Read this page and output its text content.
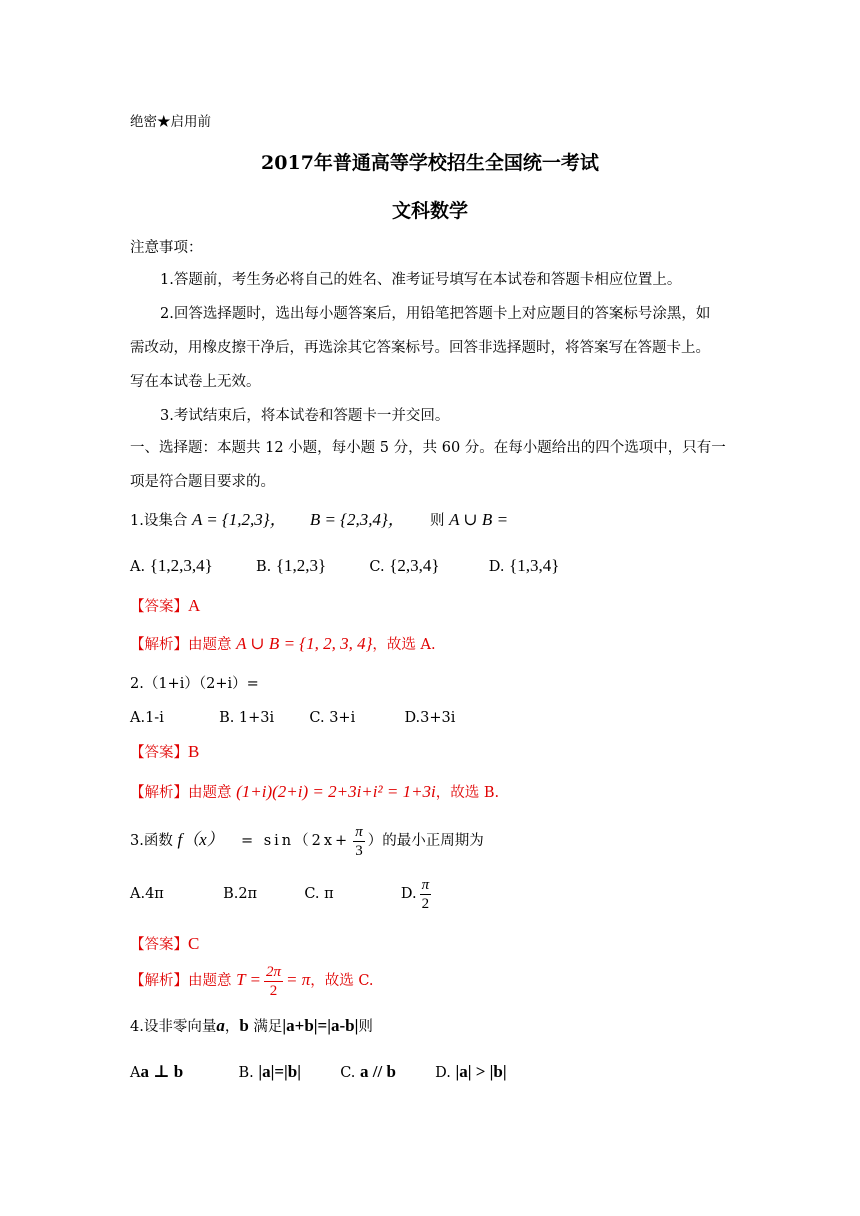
绝密★启用前
2017年普通高等学校招生全国统一考试
文科数学
注意事项：
1.答题前，考生务必将自己的姓名、准考证号填写在本试卷和答题卡相应位置上。
2.回答选择题时，选出每小题答案后，用铅笔把答题卡上对应题目的答案标号涂黑，如
需改动，用橡皮擦干净后，再选涂其它答案标号。回答非选择题时，将答案写在答题卡上。
写在本试卷上无效。
3.考试结束后，将本试卷和答题卡一并交回。
一、选择题：本题共 12 小题，每小题 5 分，共 60 分。在每小题给出的四个选项中，只有一
项是符合题目要求的。
1.设集合 A = {1,2,3}， B = {2,3,4}， 则 A ∪ B =
A. {1,2,3,4}	B. {1,2,3}	C. {2,3,4}	D. {1,3,4}
【答案】A
【解析】由题意 A ∪ B = {1, 2, 3, 4}，故选 A.
2.（1+i）（2+i）=
A.1-i	B. 1+3i C. 3+i	D.3+3i
【答案】B
【解析】由题意 (1+i)(2+i) = 2+3i+i² = 1+3i，故选 B.
3.函数 $f(x) = \sin(2x+ \frac{\pi}{3}$ ）的最小正周期为
A.4π	B.2π	C. π	D. $\frac{\pi}{2}$
【答案】C
【解析】由题意 $T = \frac{2\pi}{2} = \pi$，故选 C.
4.设非零向量a，b 满足|a+b|=|a-b|则
Aa ⊥ b	B. |a|=|b|	C. a // b	D. |a| > |b|
